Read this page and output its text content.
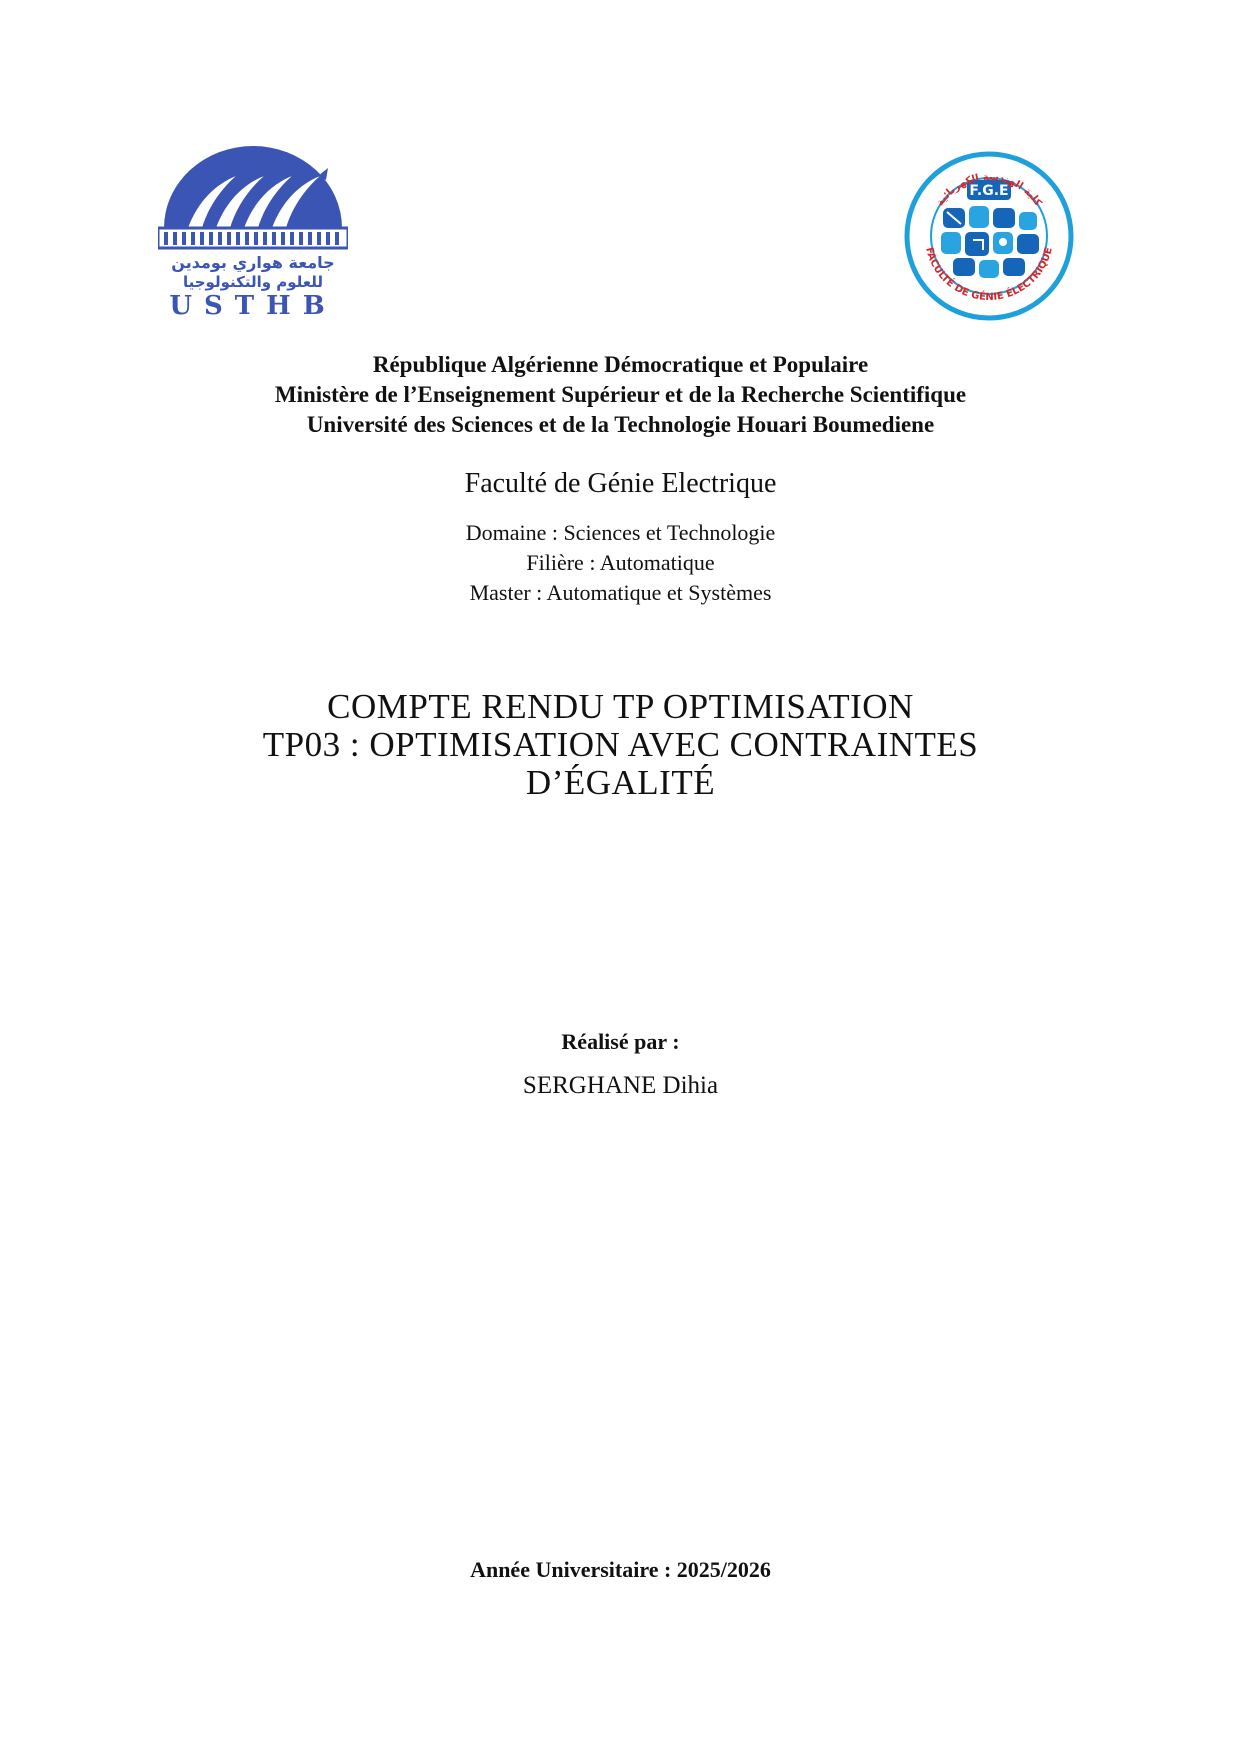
جامعة هواري بومدين
للعلوم والتكنولوجيا
USTHB
F.G.E
FACULTÉ DE GÉNIE ÉLECTRIQUE
كلية الهندسة الكهربائية
République Algérienne Démocratique et Populaire
Ministère de l’Enseignement Supérieur et de la Recherche Scientifique
Université des Sciences et de la Technologie Houari Boumediene
Faculté de Génie Electrique
Domaine : Sciences et Technologie
Filière : Automatique
Master : Automatique et Systèmes
COMPTE RENDU TP OPTIMISATION
TP03 : OPTIMISATION AVEC CONTRAINTES
D’ÉGALITÉ
Réalisé par :
SERGHANE Dihia
Année Universitaire : 2025/2026
